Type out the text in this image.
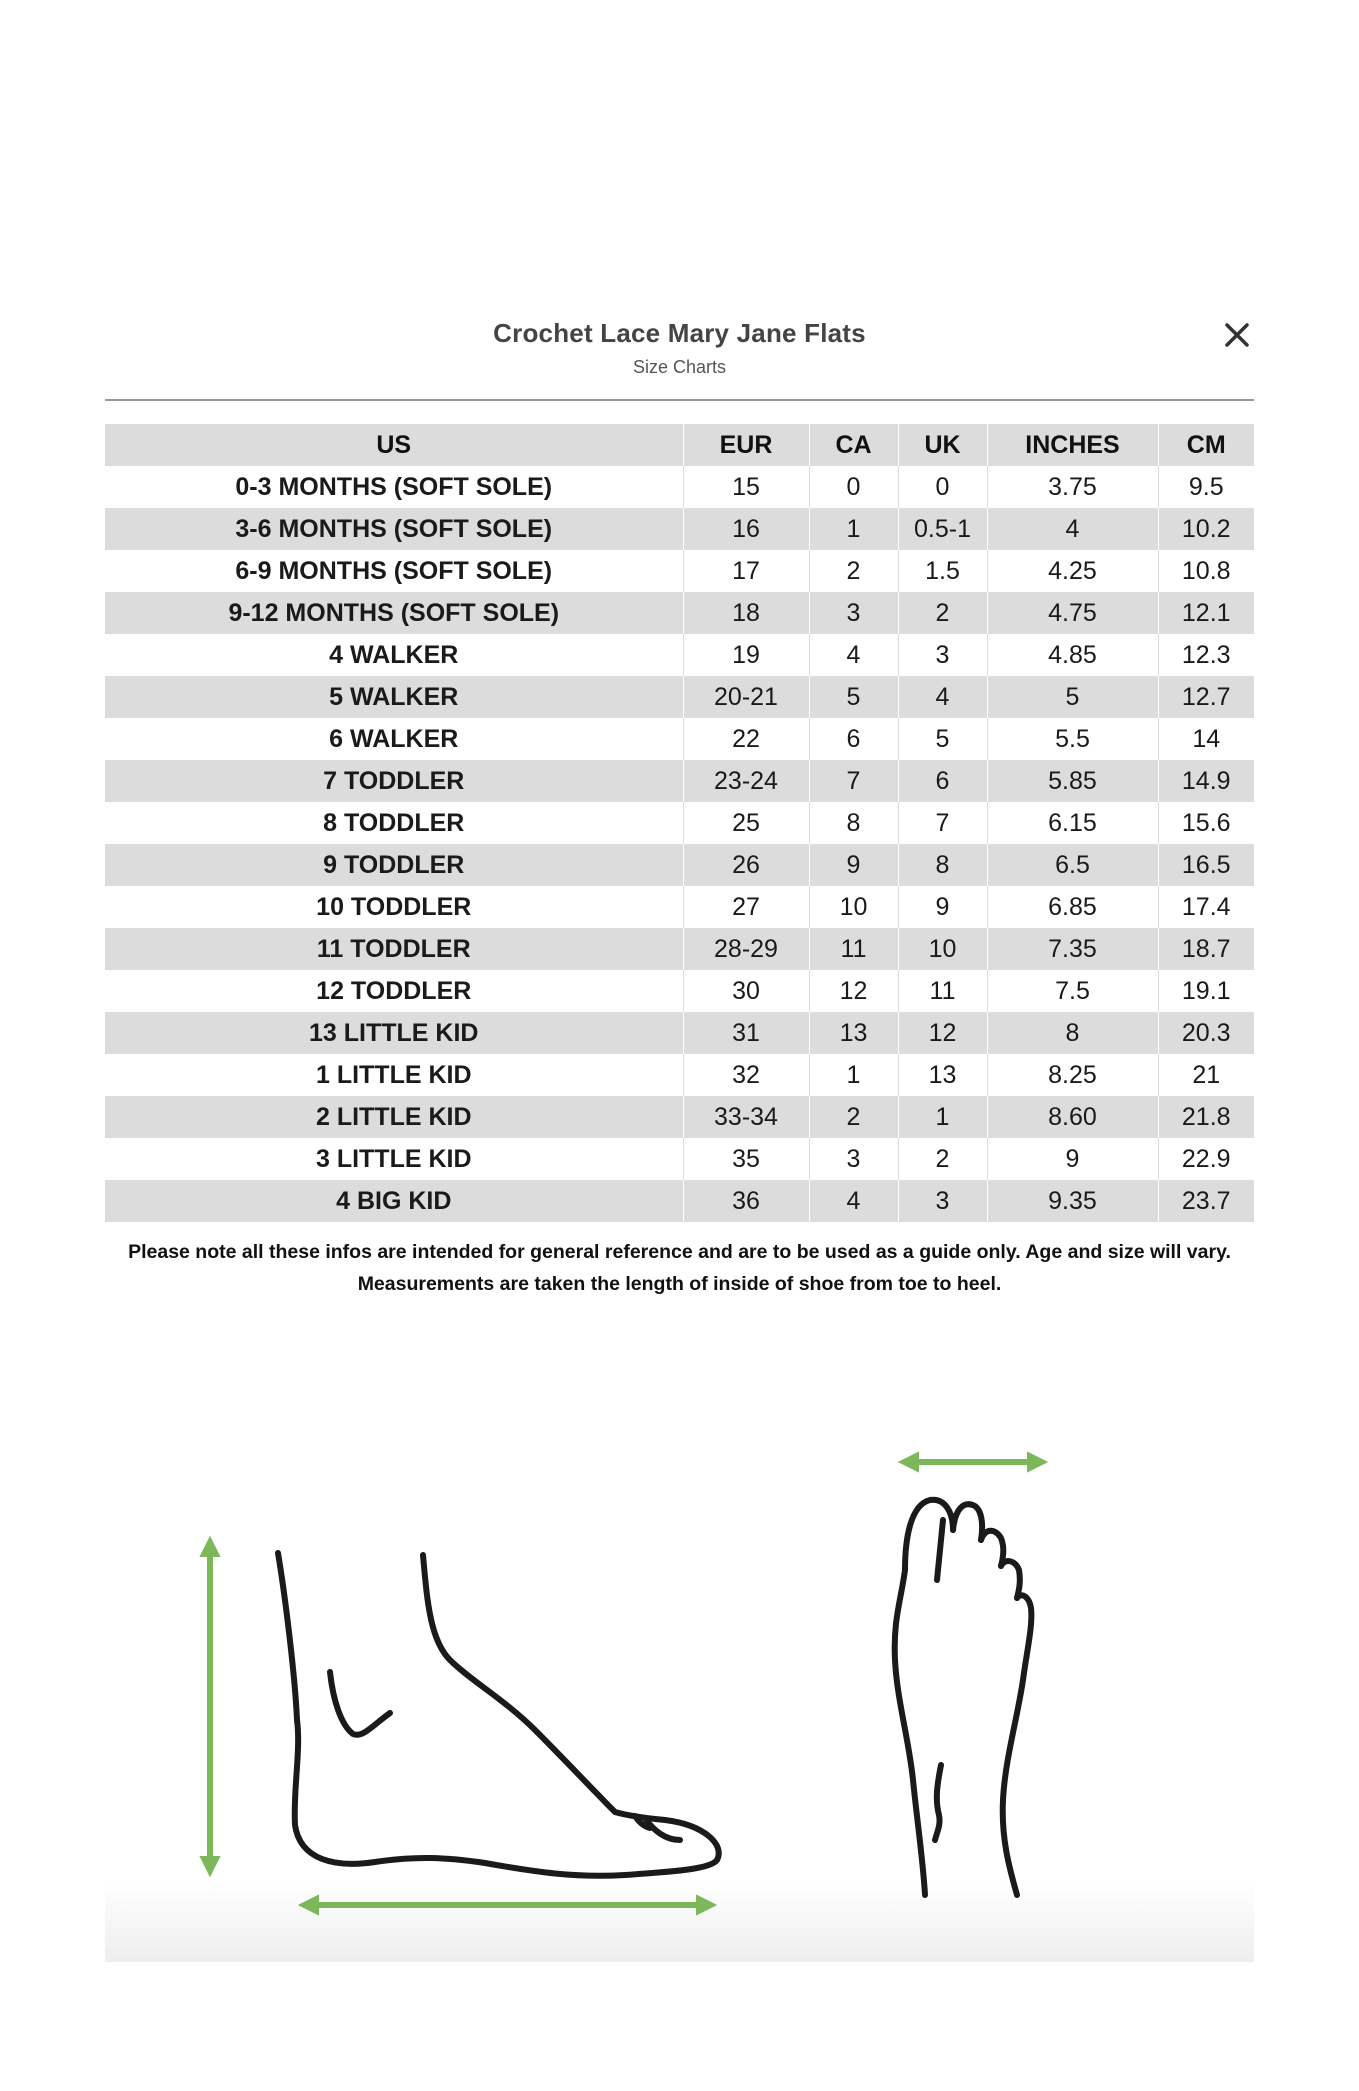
Crochet Lace Mary Jane Flats
Size Charts
US	EUR	CA	UK	INCHES	CM
0-3 MONTHS (SOFT SOLE)	15	0	0	3.75	9.5
3-6 MONTHS (SOFT SOLE)	16	1	0.5-1	4	10.2
6-9 MONTHS (SOFT SOLE)	17	2	1.5	4.25	10.8
9-12 MONTHS (SOFT SOLE)	18	3	2	4.75	12.1
4 WALKER	19	4	3	4.85	12.3
5 WALKER	20-21	5	4	5	12.7
6 WALKER	22	6	5	5.5	14
7 TODDLER	23-24	7	6	5.85	14.9
8 TODDLER	25	8	7	6.15	15.6
9 TODDLER	26	9	8	6.5	16.5
10 TODDLER	27	10	9	6.85	17.4
11 TODDLER	28-29	11	10	7.35	18.7
12 TODDLER	30	12	11	7.5	19.1
13 LITTLE KID	31	13	12	8	20.3
1 LITTLE KID	32	1	13	8.25	21
2 LITTLE KID	33-34	2	1	8.60	21.8
3 LITTLE KID	35	3	2	9	22.9
4 BIG KID	36	4	3	9.35	23.7
Please note all these infos are intended for general reference and are to be used as a guide only. Age and size will vary.
Measurements are taken the length of inside of shoe from toe to heel.
